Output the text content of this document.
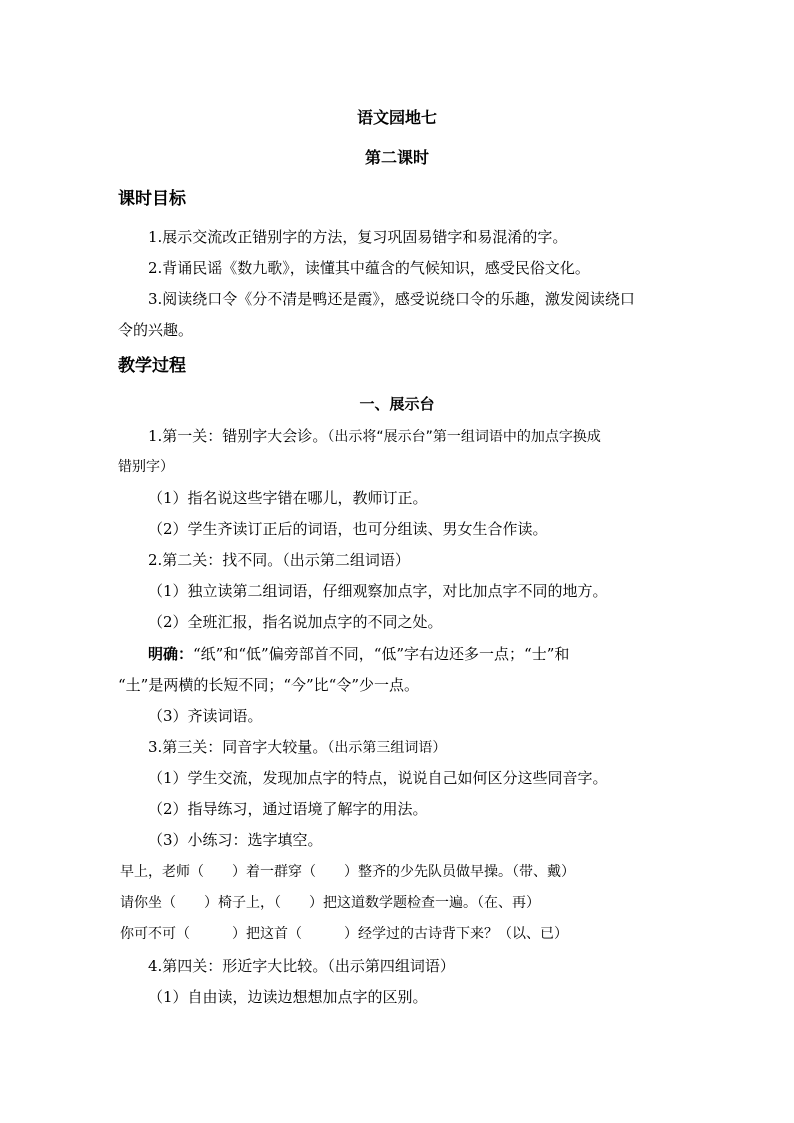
语文园地七
第二课时
课时目标
1.展示交流改正错别字的方法，复习巩固易错字和易混淆的字。
2.背诵民谣《数九歌》，读懂其中蕴含的气候知识，感受民俗文化。
3.阅读绕口令《分不清是鸭还是霞》，感受说绕口令的乐趣，激发阅读绕口
令的兴趣。
教学过程
一、展示台
1.第一关：错别字大会诊。（出示将“展示台”第一组词语中的加点字换成
错别字）
（1）指名说这些字错在哪儿，教师订正。
（2）学生齐读订正后的词语，也可分组读、男女生合作读。
2.第二关：找不同。（出示第二组词语）
（1）独立读第二组词语，仔细观察加点字，对比加点字不同的地方。
（2）全班汇报，指名说加点字的不同之处。
明确：“纸”和“低”偏旁部首不同，“低”字右边还多一点；“士”和
“土”是两横的长短不同；“今”比“令”少一点。
（3）齐读词语。
3.第三关：同音字大较量。（出示第三组词语）
（1）学生交流，发现加点字的特点，说说自己如何区分这些同音字。
（2）指导练习，通过语境了解字的用法。
（3）小练习：选字填空。
早上，老师（　　）着一群穿（　　）整齐的少先队员做早操。（带、戴）
请你坐（　　）椅子上，（　　）把这道数学题检查一遍。（在、再）
你可不可（　　　）把这首（　　　）经学过的古诗背下来？（以、已）
4.第四关：形近字大比较。（出示第四组词语）
（1）自由读，边读边想想加点字的区别。
